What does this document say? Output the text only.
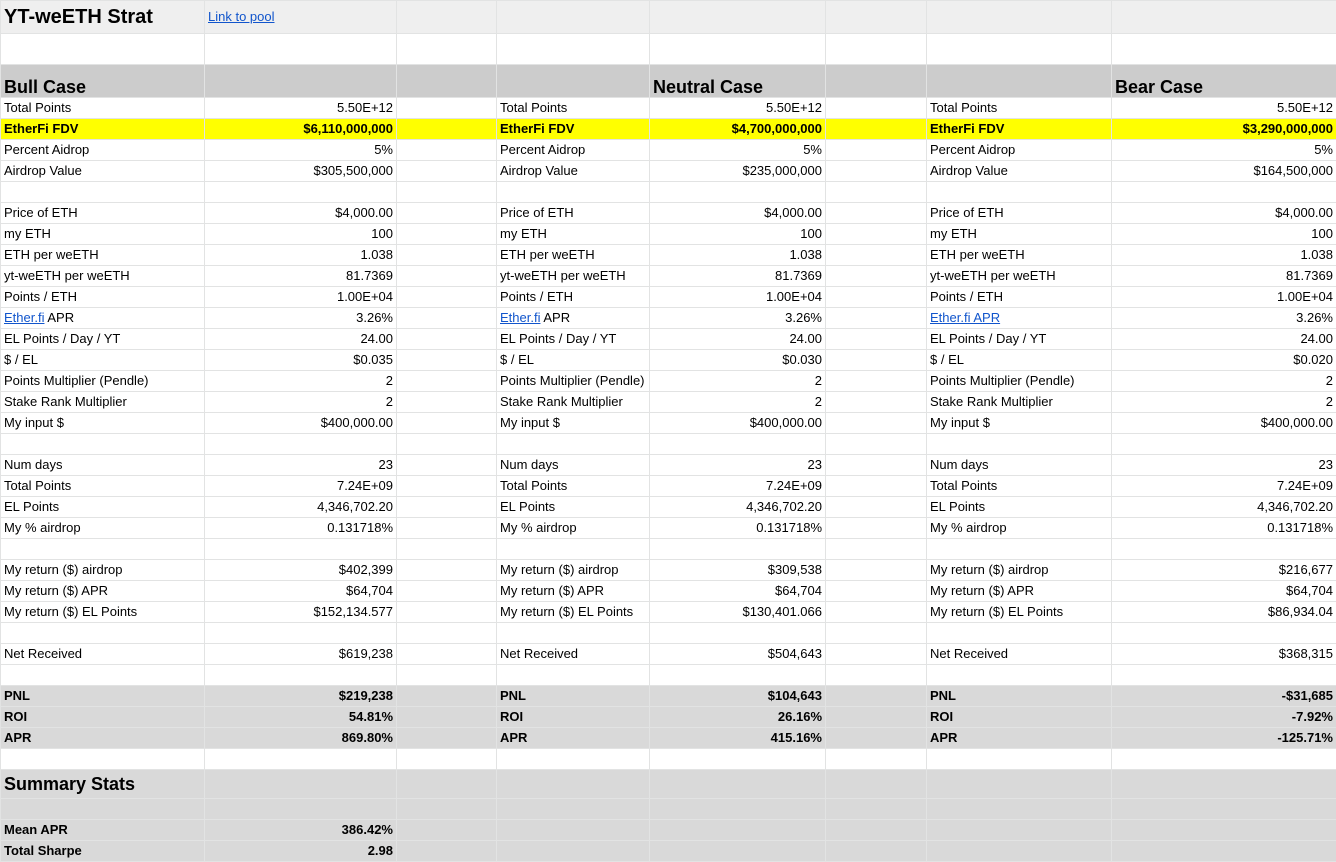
YT-weETH Strat	Link to pool						

Bull Case				Neutral Case			Bear Case
Total Points	5.50E+12		Total Points	5.50E+12		Total Points	5.50E+12
EtherFi FDV	$6,110,000,000		EtherFi FDV	$4,700,000,000		EtherFi FDV	$3,290,000,000
Percent Aidrop	5%		Percent Aidrop	5%		Percent Aidrop	5%
Airdrop Value	$305,500,000		Airdrop Value	$235,000,000		Airdrop Value	$164,500,000

Price of ETH	$4,000.00		Price of ETH	$4,000.00		Price of ETH	$4,000.00
my ETH	100		my ETH	100		my ETH	100
ETH per weETH	1.038		ETH per weETH	1.038		ETH per weETH	1.038
yt-weETH per weETH	81.7369		yt-weETH per weETH	81.7369		yt-weETH per weETH	81.7369
Points / ETH	1.00E+04		Points / ETH	1.00E+04		Points / ETH	1.00E+04
Ether.fi APR	3.26%		Ether.fi APR	3.26%		Ether.fi APR	3.26%
EL Points / Day / YT	24.00		EL Points / Day / YT	24.00		EL Points / Day / YT	24.00
$ / EL	$0.035		$ / EL	$0.030		$ / EL	$0.020
Points Multiplier (Pendle)	2		Points Multiplier (Pendle)	2		Points Multiplier (Pendle)	2
Stake Rank Multiplier	2		Stake Rank Multiplier	2		Stake Rank Multiplier	2
My input $	$400,000.00		My input $	$400,000.00		My input $	$400,000.00

Num days	23		Num days	23		Num days	23
Total Points	7.24E+09		Total Points	7.24E+09		Total Points	7.24E+09
EL Points	4,346,702.20		EL Points	4,346,702.20		EL Points	4,346,702.20
My % airdrop	0.131718%		My % airdrop	0.131718%		My % airdrop	0.131718%

My return ($) airdrop	$402,399		My return ($) airdrop	$309,538		My return ($) airdrop	$216,677
My return ($) APR	$64,704		My return ($) APR	$64,704		My return ($) APR	$64,704
My return ($) EL Points	$152,134.577		My return ($) EL Points	$130,401.066		My return ($) EL Points	$86,934.04

Net Received	$619,238		Net Received	$504,643		Net Received	$368,315

PNL	$219,238		PNL	$104,643		PNL	-$31,685
ROI	54.81%		ROI	26.16%		ROI	-7.92%
APR	869.80%		APR	415.16%		APR	-125.71%

Summary Stats							

Mean APR	386.42%						
Total Sharpe	2.98						
